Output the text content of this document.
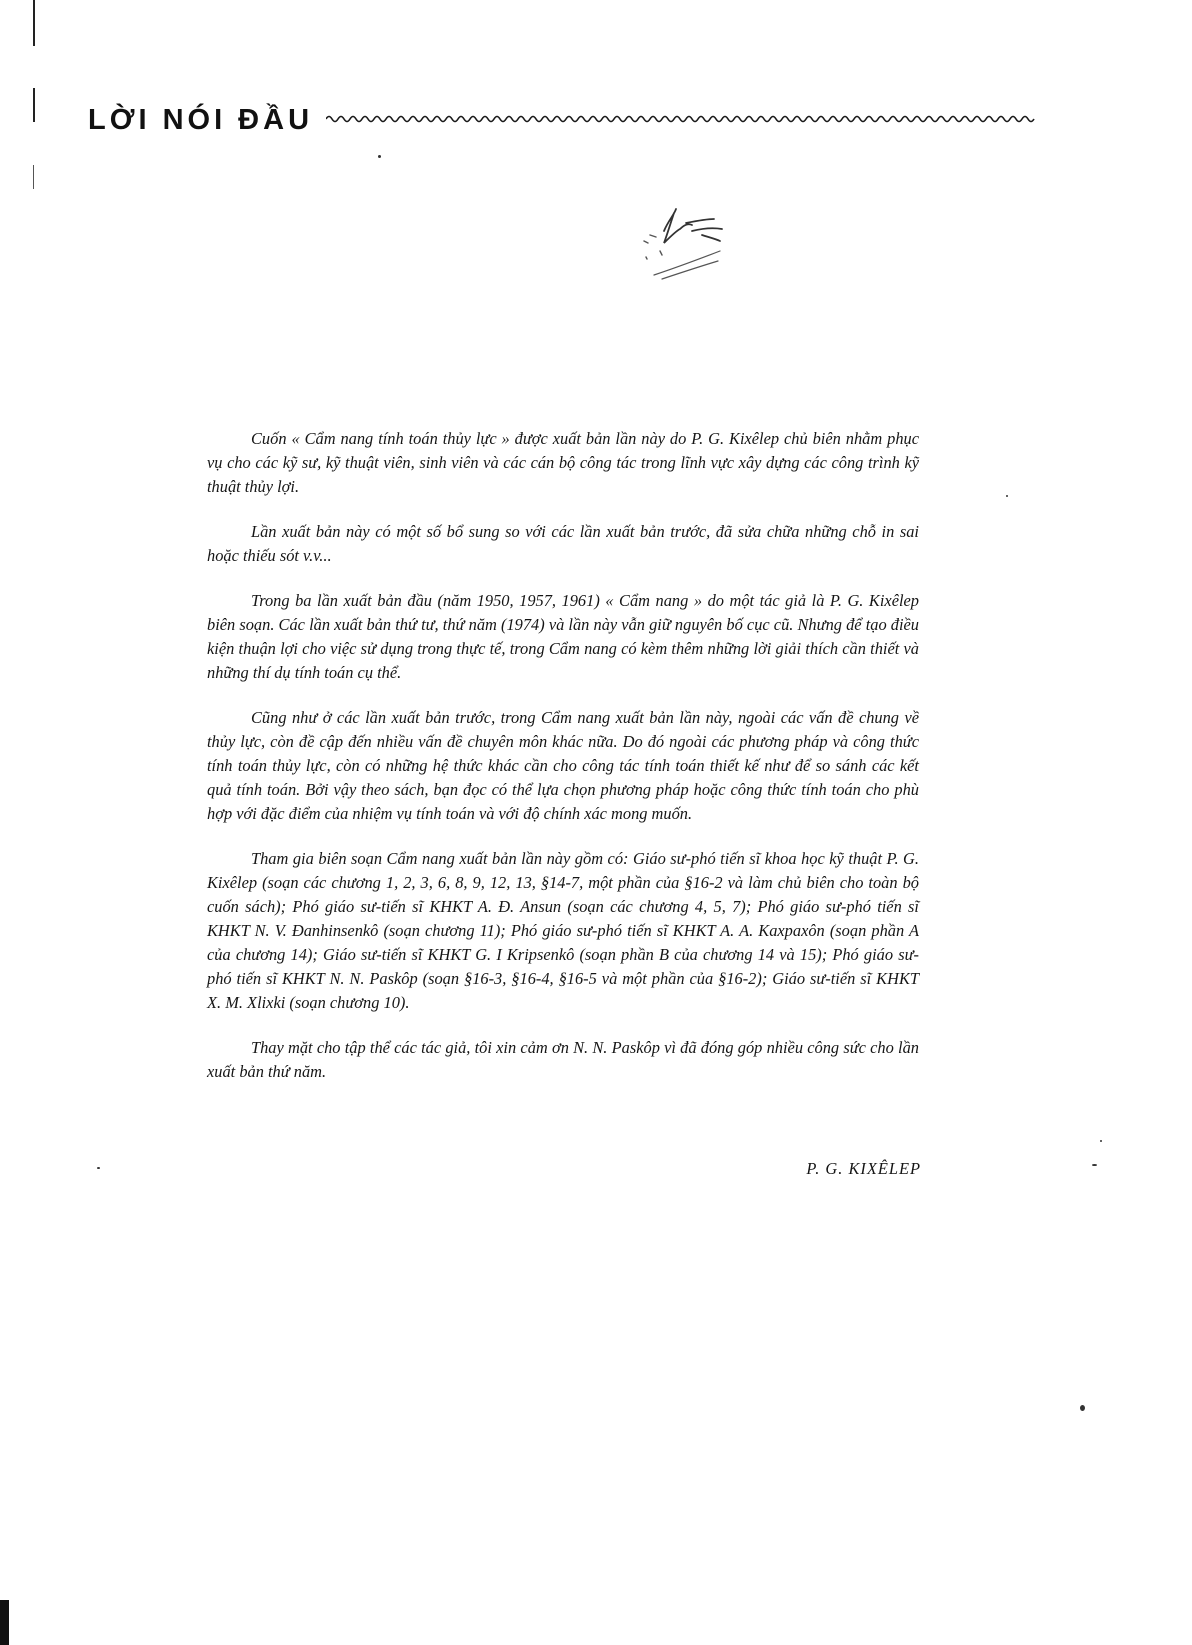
LỜI NÓI ĐẦU

Cuốn « Cẩm nang tính toán thủy lực » được xuất bản lần này do P. G. Kixêlep chủ biên nhằm phục vụ cho các kỹ sư, kỹ thuật viên, sinh viên và các cán bộ công tác trong lĩnh vực xây dựng các công trình kỹ thuật thủy lợi.

Lần xuất bản này có một số bổ sung so với các lần xuất bản trước, đã sửa chữa những chỗ in sai hoặc thiếu sót v.v...

Trong ba lần xuất bản đầu (năm 1950, 1957, 1961) « Cẩm nang » do một tác giả là P. G. Kixêlep biên soạn. Các lần xuất bản thứ tư, thứ năm (1974) và lần này vẫn giữ nguyên bố cục cũ. Nhưng để tạo điều kiện thuận lợi cho việc sử dụng trong thực tế, trong Cẩm nang có kèm thêm những lời giải thích cần thiết và những thí dụ tính toán cụ thể.

Cũng như ở các lần xuất bản trước, trong Cẩm nang xuất bản lần này, ngoài các vấn đề chung về thủy lực, còn đề cập đến nhiều vấn đề chuyên môn khác nữa. Do đó ngoài các phương pháp và công thức tính toán thủy lực, còn có những hệ thức khác cần cho công tác tính toán thiết kế như để so sánh các kết quả tính toán. Bởi vậy theo sách, bạn đọc có thể lựa chọn phương pháp hoặc công thức tính toán cho phù hợp với đặc điểm của nhiệm vụ tính toán và với độ chính xác mong muốn.

Tham gia biên soạn Cẩm nang xuất bản lần này gồm có: Giáo sư-phó tiến sĩ khoa học kỹ thuật P. G. Kixêlep (soạn các chương 1, 2, 3, 6, 8, 9, 12, 13, §14-7, một phần của §16-2 và làm chủ biên cho toàn bộ cuốn sách); Phó giáo sư-tiến sĩ KHKT A. Đ. Ansun (soạn các chương 4, 5, 7); Phó giáo sư-phó tiến sĩ KHKT N. V. Đanhinsenkô (soạn chương 11); Phó giáo sư-phó tiến sĩ KHKT A. A. Kaxpaxôn (soạn phần A của chương 14); Giáo sư-tiến sĩ KHKT G. I Kripsenkô (soạn phần B của chương 14 và 15); Phó giáo sư-phó tiến sĩ KHKT N. N. Paskôp (soạn §16-3, §16-4, §16-5 và một phần của §16-2); Giáo sư-tiến sĩ KHKT X. M. Xlixki (soạn chương 10).

Thay mặt cho tập thể các tác giả, tôi xin cảm ơn N. N. Paskôp vì đã đóng góp nhiều công sức cho lần xuất bản thứ năm.

P. G. KIXÊLEP
